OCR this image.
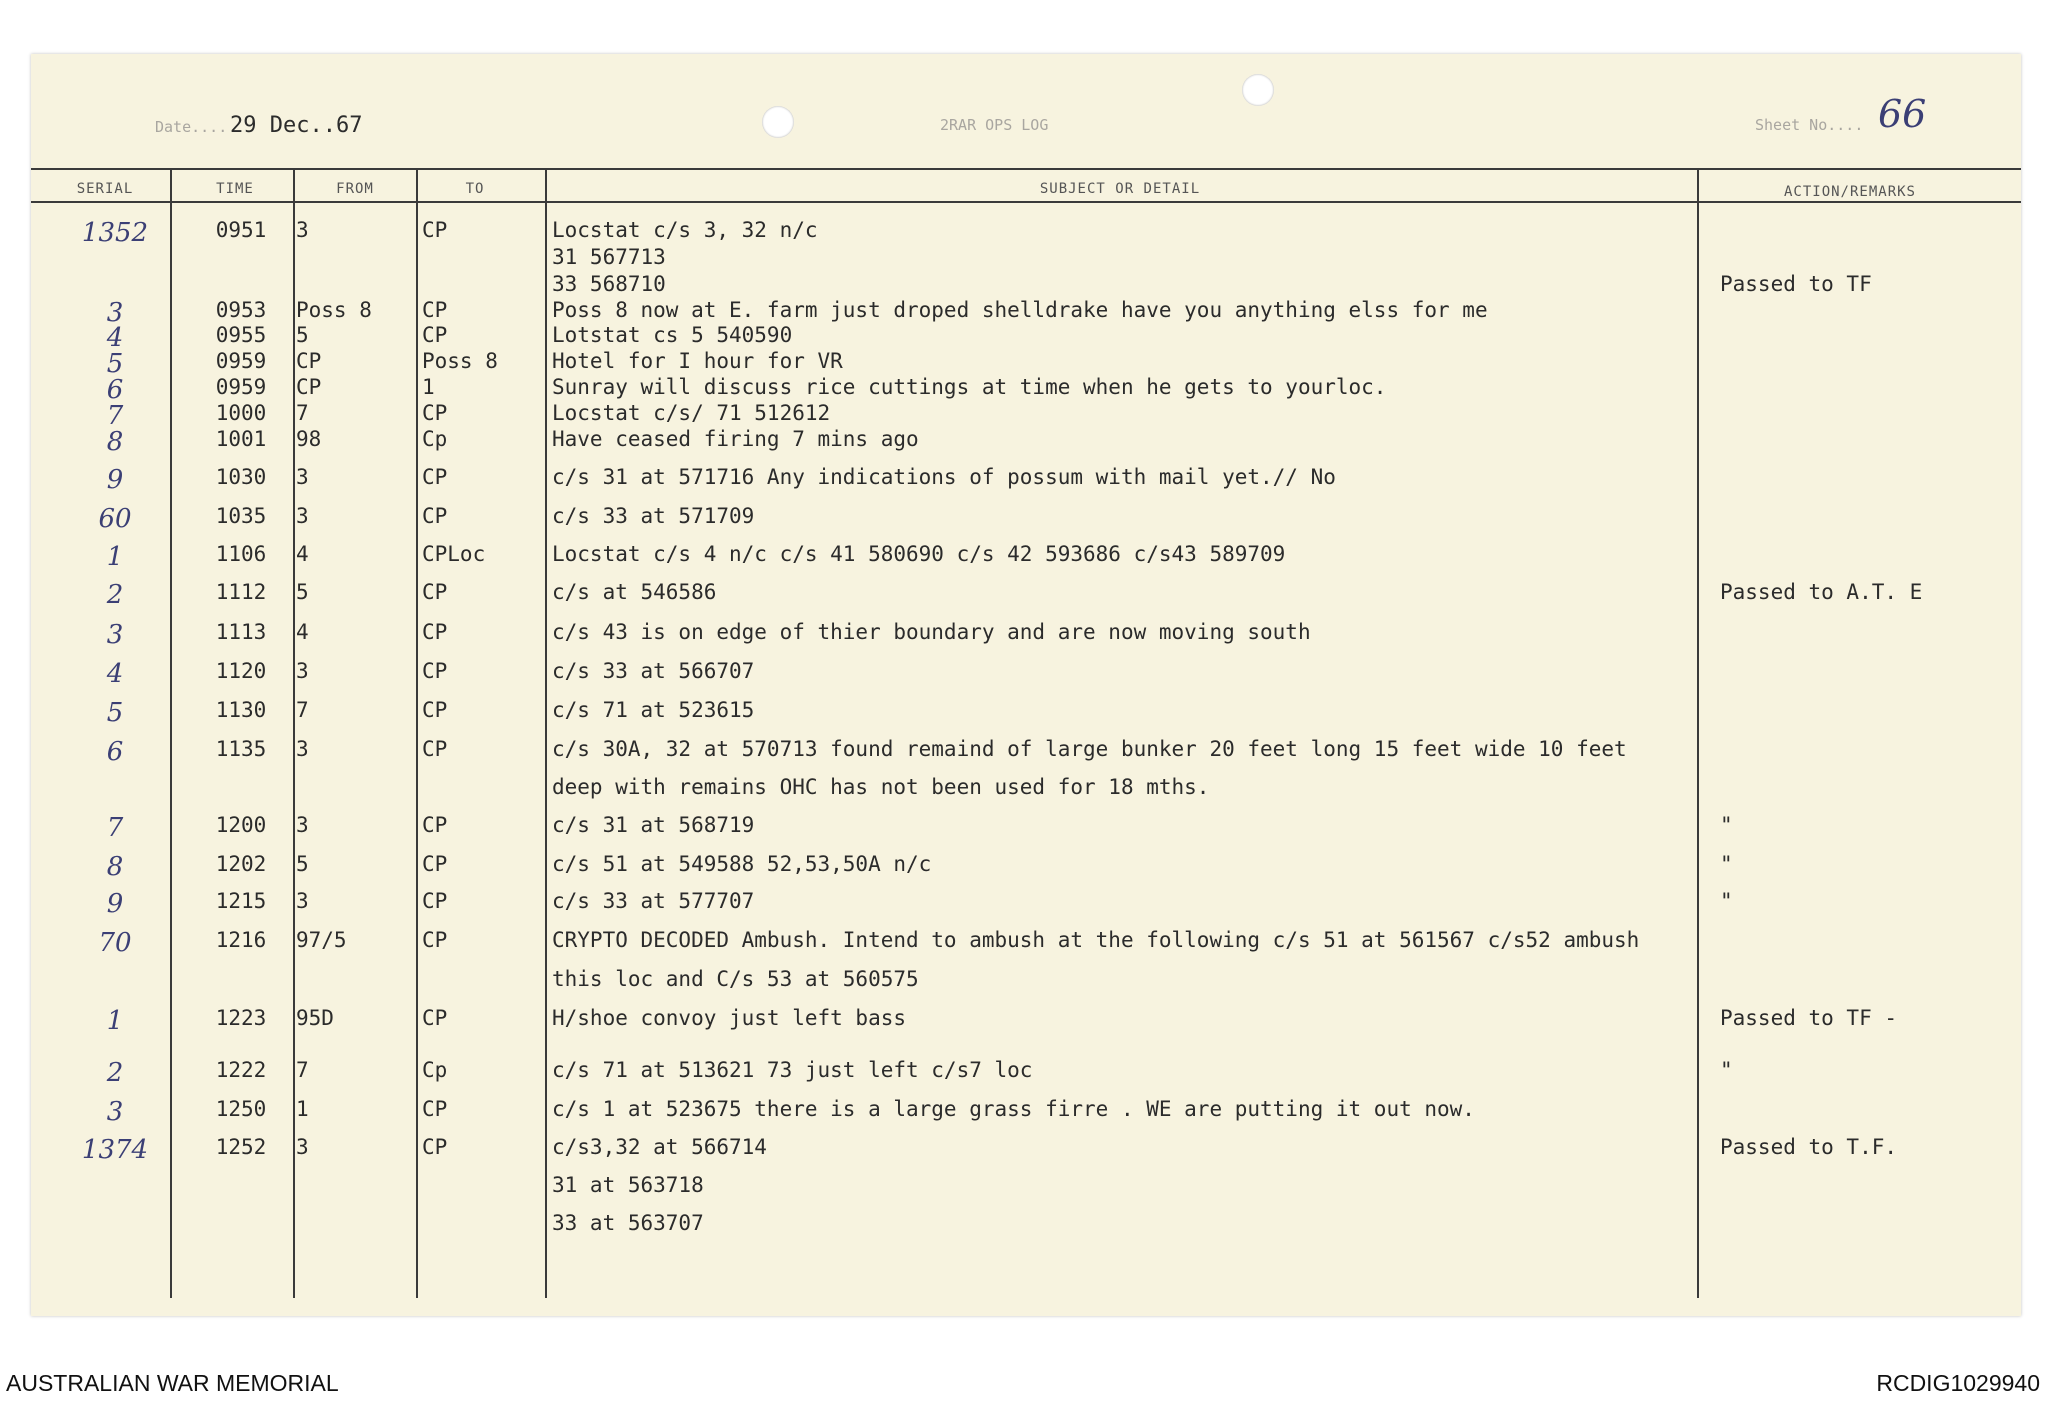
Date.... 29 Dec..67	2RAR OPS LOG	Sheet No.... 66
SERIAL	TIME	FROM	TO	SUBJECT OR DETAIL	ACTION/REMARKS
1352	0951	3	CP	Locstat c/s 3, 32 n/c
31 567713
33 568710	Passed to TF
3	0953	Poss 8	CP	Poss 8 now at E. farm just droped shelldrake have you anything elss for me
4	0955	5	CP	Lotstat cs 5 540590
5	0959	CP	Poss 8	Hotel for I hour for VR
6	0959	CP	1	Sunray will discuss rice cuttings at time when he gets to yourloc.
7	1000	7	CP	Locstat c/s/ 71 512612
8	1001	98	Cp	Have ceased firing 7 mins ago
9	1030	3	CP	c/s 31 at 571716 Any indications of possum with mail yet.// No
60	1035	3	CP	c/s 33 at 571709
1	1106	4	CPLoc	Locstat c/s 4 n/c c/s 41 580690 c/s 42 593686 c/s43 589709
2	1112	5	CP	c/s at 546586	Passed to A.T. E
3	1113	4	CP	c/s 43 is on edge of thier boundary and are now moving south
4	1120	3	CP	c/s 33 at 566707
5	1130	7	CP	c/s 71 at 523615
6	1135	3	CP	c/s 30A, 32 at 570713 found remaind of large bunker 20 feet long 15 feet wide 10 feet
deep with remains OHC has not been used for 18 mths.
7	1200	3	CP	c/s 31 at 568719	"
8	1202	5	CP	c/s 51 at 549588 52,53,50A n/c	"
9	1215	3	CP	c/s 33 at 577707	"
70	1216	97/5	CP	CRYPTO DECODED Ambush. Intend to ambush at the following c/s 51 at 561567 c/s52 ambush
this loc and C/s 53 at 560575
1	1223	95D	CP	H/shoe convoy just left bass	Passed to TF -
2	1222	7	Cp	c/s 71 at 513621 73 just left c/s7 loc	"
3	1250	1	CP	c/s 1 at 523675 there is a large grass firre . WE are putting it out now.
1374	1252	3	CP	c/s3,32 at 566714	Passed to T.F.
31 at 563718
33 at 563707
AUSTRALIAN WAR MEMORIAL	RCDIG1029940
